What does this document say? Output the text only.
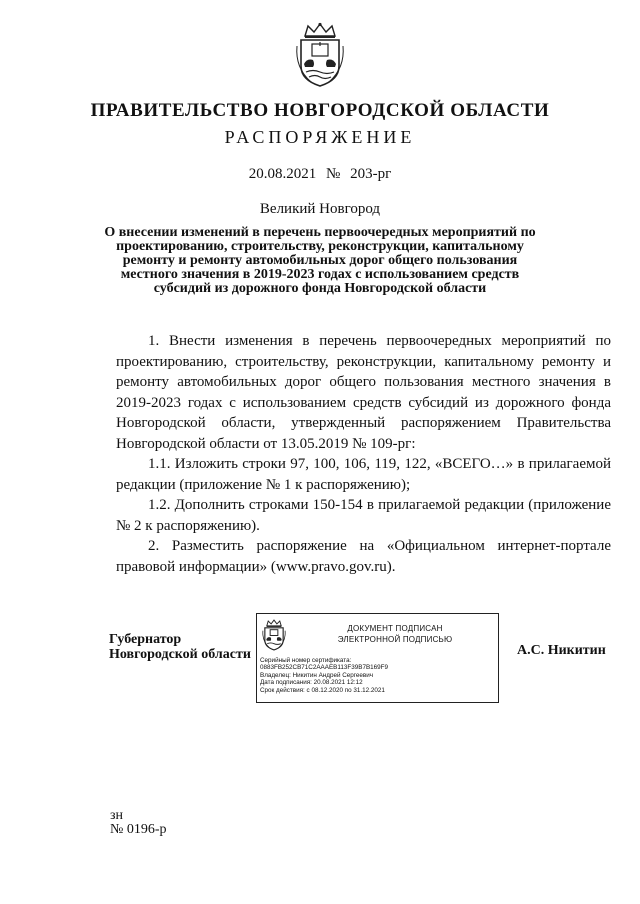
ПРАВИТЕЛЬСТВО НОВГОРОДСКОЙ ОБЛАСТИ
РАСПОРЯЖЕНИЕ
20.08.2021 № 203-рг
Великий Новгород
О внесении изменений в перечень первоочередных мероприятий по проектированию, строительству, реконструкции, капитальному ремонту и ремонту автомобильных дорог общего пользования местного значения в 2019-2023 годах с использованием средств субсидий из дорожного фонда Новгородской области

1. Внести изменения в перечень первоочередных мероприятий по проектированию, строительству, реконструкции, капитальному ремонту и ремонту автомобильных дорог общего пользования местного значения в 2019-2023 годах с использованием средств субсидий из дорожного фонда Новгородской области, утвержденный распоряжением Правительства Новгородской области от 13.05.2019 № 109-рг:

1.1. Изложить строки 97, 100, 106, 119, 122, «ВСЕГО…» в прилагаемой редакции (приложение № 1 к распоряжению);

1.2. Дополнить строками 150-154 в прилагаемой редакции (приложение № 2 к распоряжению).

2. Разместить распоряжение на «Официальном интернет-портале правовой информации» (www.pravo.gov.ru).

Губернатор
Новгородской области
ДОКУМЕНТ ПОДПИСАН
ЭЛЕКТРОННОЙ ПОДПИСЬЮ
Серийный номер сертификата:
0883FB252CB71C2AAAEB113F39B7B169F9
Владелец: Никитин Андрей Сергеевич
Дата подписания: 20.08.2021 12:12
Срок действия: с 08.12.2020 по 31.12.2021
А.С. Никитин
зн
№ 0196-р
